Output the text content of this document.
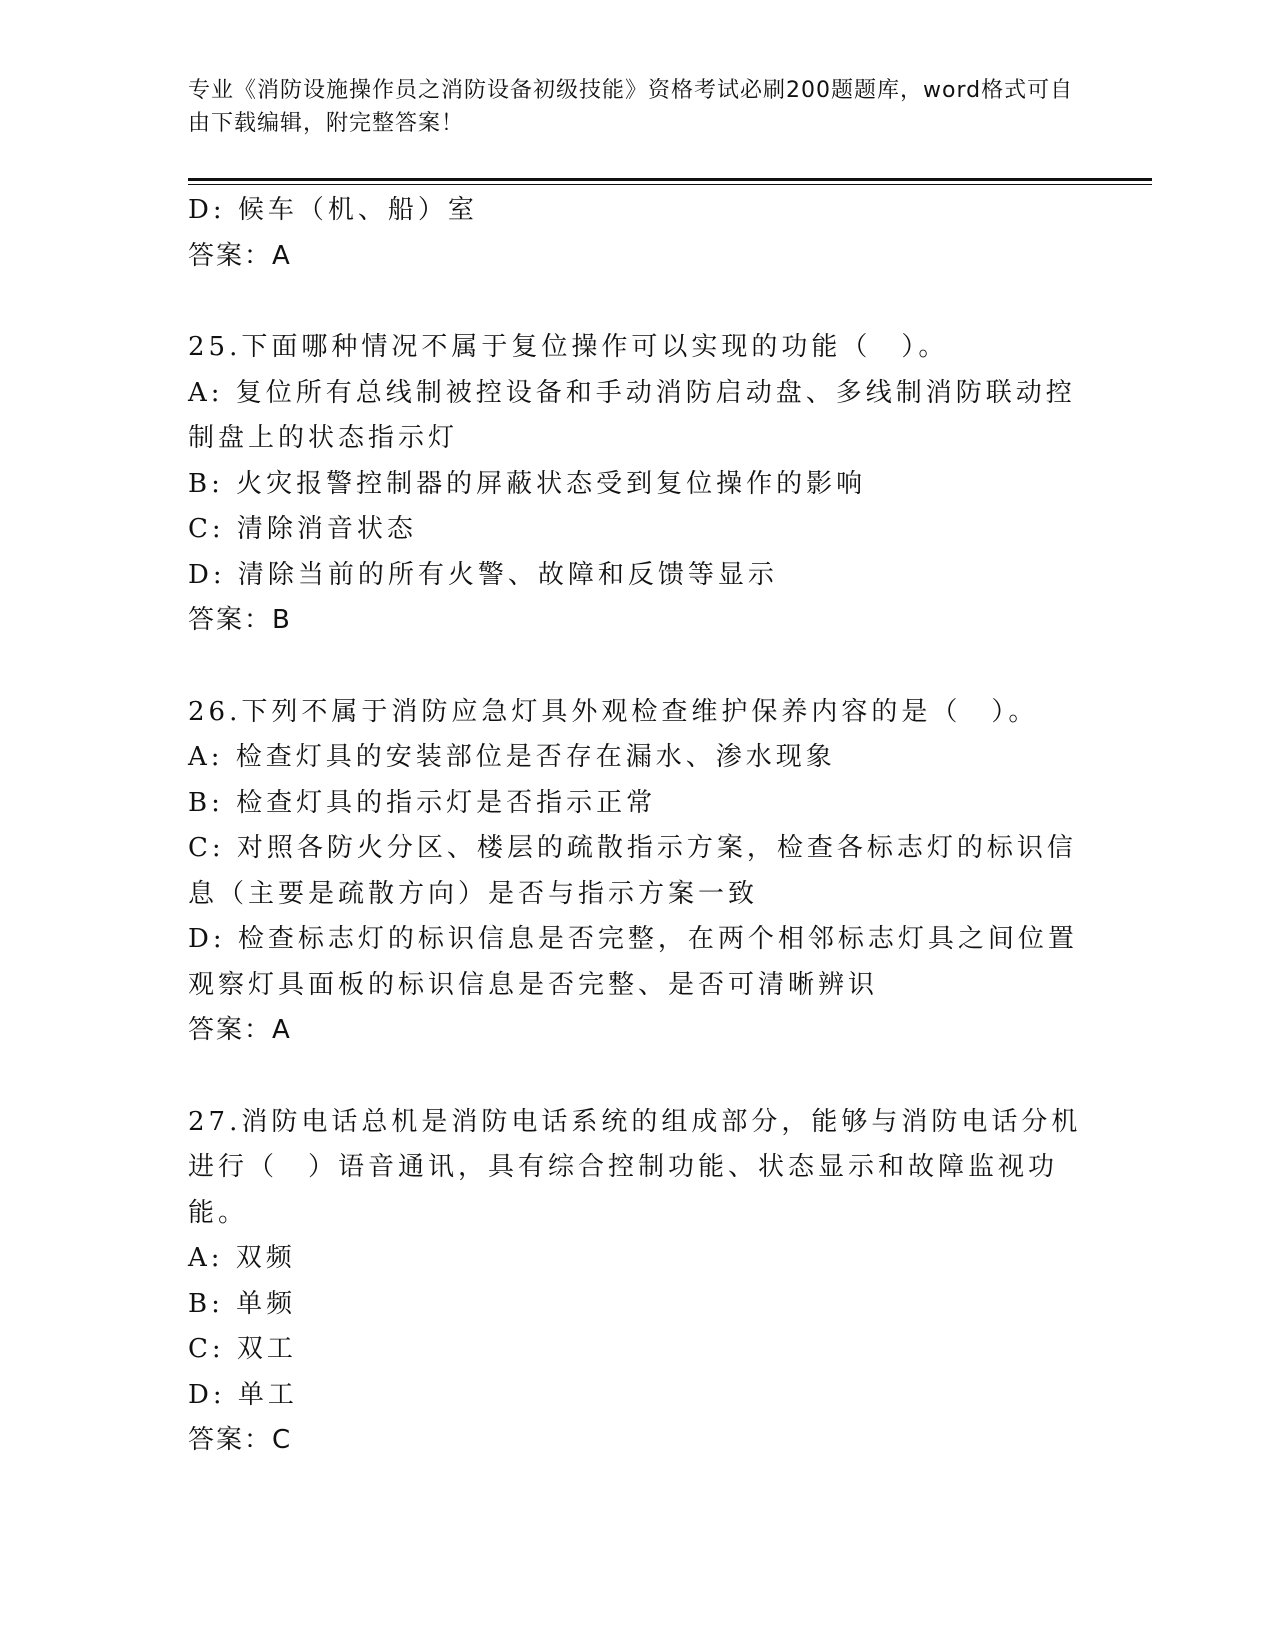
专业《消防设施操作员之消防设备初级技能》资格考试必刷200题题库，word格式可自由下载编辑，附完整答案！

D: 候车（机、船）室

答案：A

25.下面哪种情况不属于复位操作可以实现的功能（　）。

A: 复位所有总线制被控设备和手动消防启动盘、多线制消防联动控制盘上的状态指示灯

B: 火灾报警控制器的屏蔽状态受到复位操作的影响

C: 清除消音状态

D: 清除当前的所有火警、故障和反馈等显示

答案：B

26.下列不属于消防应急灯具外观检查维护保养内容的是（　）。

A: 检查灯具的安装部位是否存在漏水、渗水现象

B: 检查灯具的指示灯是否指示正常

C: 对照各防火分区、楼层的疏散指示方案，检查各标志灯的标识信息（主要是疏散方向）是否与指示方案一致

D: 检查标志灯的标识信息是否完整，在两个相邻标志灯具之间位置观察灯具面板的标识信息是否完整、是否可清晰辨识

答案：A

27.消防电话总机是消防电话系统的组成部分，能够与消防电话分机进行（　）语音通讯，具有综合控制功能、状态显示和故障监视功能。

A: 双频

B: 单频

C: 双工

D: 单工

答案：C
